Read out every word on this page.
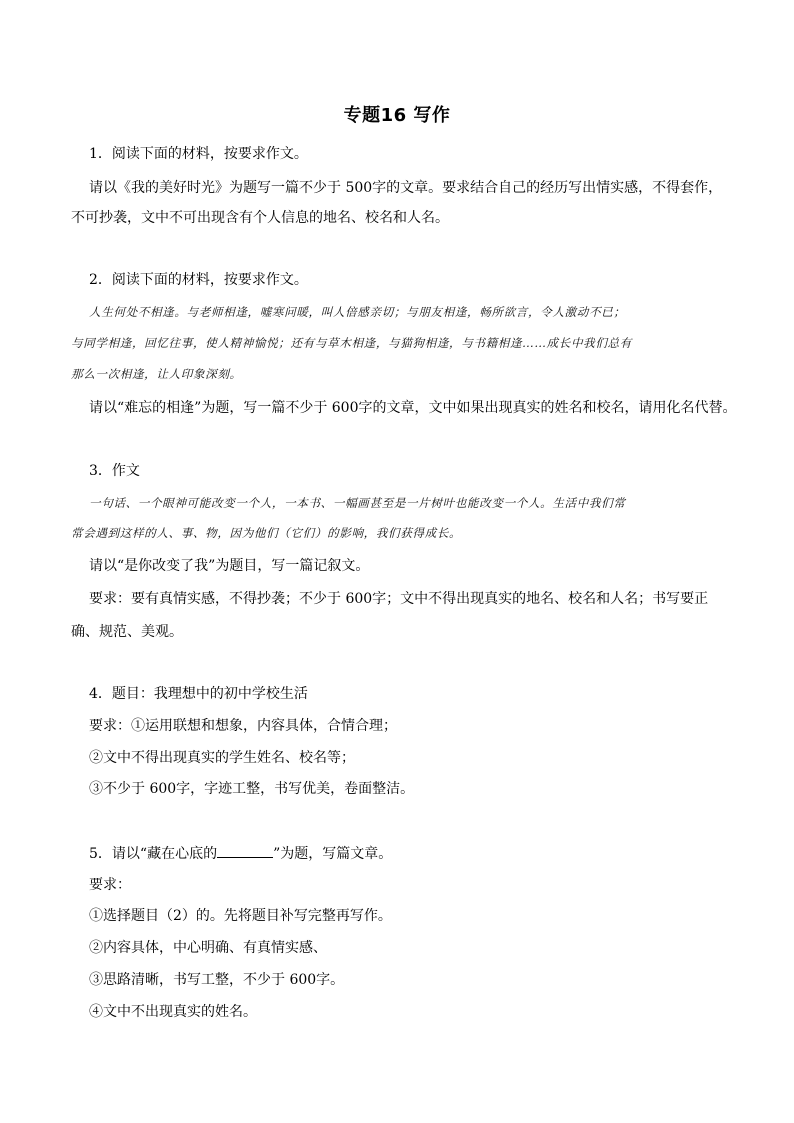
专题16 写作
1．阅读下面的材料，按要求作文。
请以《我的美好时光》为题写一篇不少于 500字的文章。要求结合自己的经历写出情实感，不得套作，
不可抄袭，文中不可出现含有个人信息的地名、校名和人名。
2．阅读下面的材料，按要求作文。
人生何处不相逢。与老师相逢，嘘寒问暖，叫人倍感亲切；与朋友相逢，畅所欲言，令人激动不已；
与同学相逢，回忆往事，使人精神愉悦；还有与草木相逢，与猫狗相逢，与书籍相逢……成长中我们总有
那么一次相逢，让人印象深刻。
请以“难忘的相逢”为题，写一篇不少于 600字的文章，文中如果出现真实的姓名和校名，请用化名代替。
3．作文
一句话、一个眼神可能改变一个人，一本书、一幅画甚至是一片树叶也能改变一个人。生活中我们常
常会遇到这样的人、事、物，因为他们（它们）的影响，我们获得成长。
请以“是你改变了我”为题目，写一篇记叙文。
要求：要有真情实感，不得抄袭；不少于 600字；文中不得出现真实的地名、校名和人名；书写要正
确、规范、美观。
4．题目：我理想中的初中学校生活
要求：①运用联想和想象，内容具体，合情合理；
②文中不得出现真实的学生姓名、校名等；
③不少于 600字，字迹工整，书写优美，卷面整洁。
5．请以“藏在心底的	”为题，写篇文章。
要求：
①选择题目（2）的。先将题目补写完整再写作。
②内容具体，中心明确、有真情实感、
③思路清晰，书写工整，不少于 600字。
④文中不出现真实的姓名。
